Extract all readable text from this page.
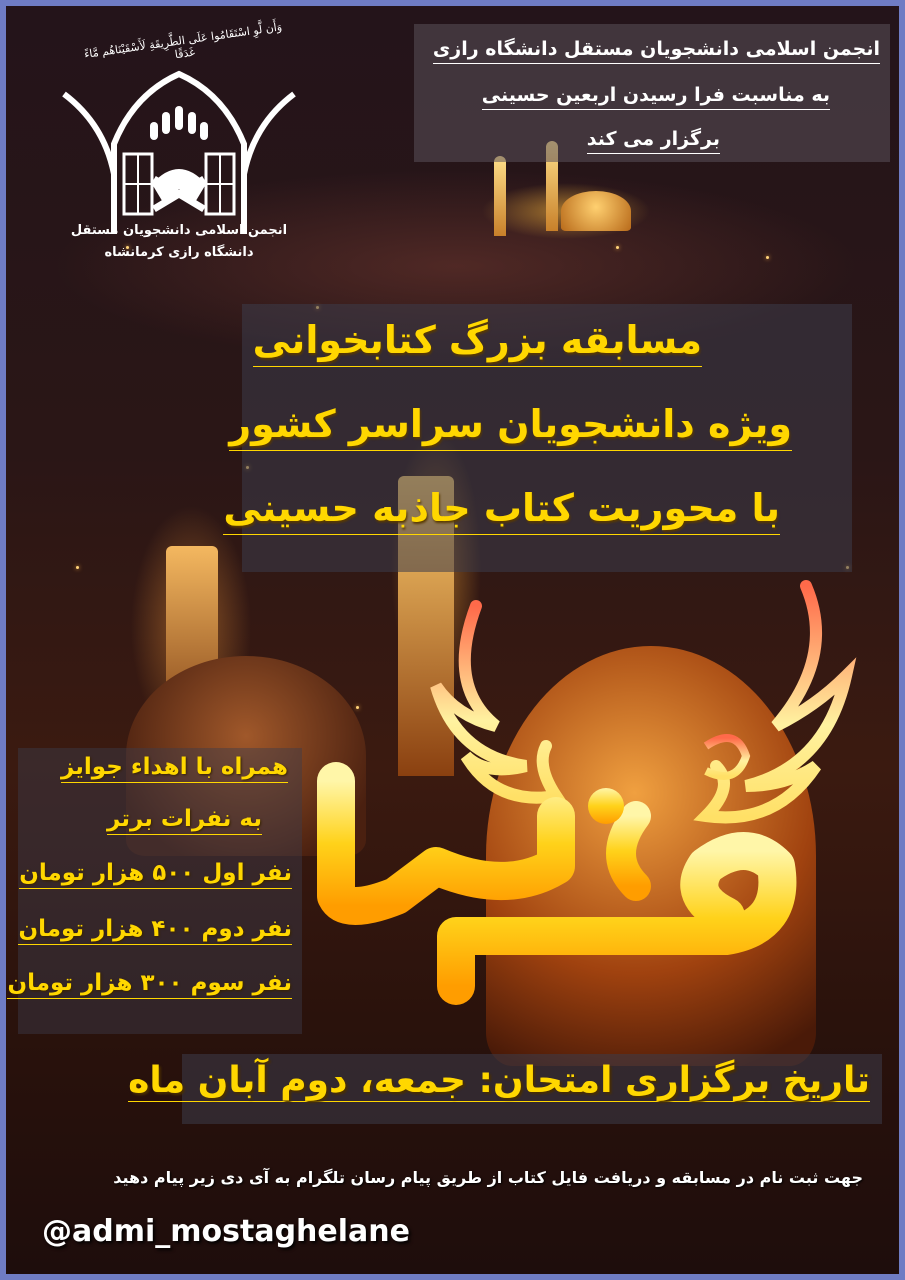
وَأَن لَّوِ اسْتَقَامُوا عَلَى الطَّرِيقَةِ لَأَسْقَيْنَاهُم مَّاءً غَدَقًا
انجمن اسلامی دانشجویان مستقل
دانشگاه رازی کرمانشاه
انجمن اسلامی دانشجویان مستقل دانشگاه رازی
به مناسبت فرا رسیدن اربعین حسینی
برگزار می کند
مسابقه بزرگ کتابخوانی
ویژه دانشجویان سراسر کشور
با محوریت کتاب جاذبه حسینی
همراه با اهداء جوایز
به نفرات برتر
نفر اول ۵۰۰ هزار تومان
نفر دوم ۴۰۰ هزار تومان
نفر سوم ۳۰۰ هزار تومان
فطرس
تاریخ برگزاری امتحان: جمعه، دوم آبان ماه
جهت ثبت نام در مسابقه و دریافت فایل کتاب از طریق پیام رسان تلگرام به آی دی زیر پیام دهید
@admi_mostaghelane
